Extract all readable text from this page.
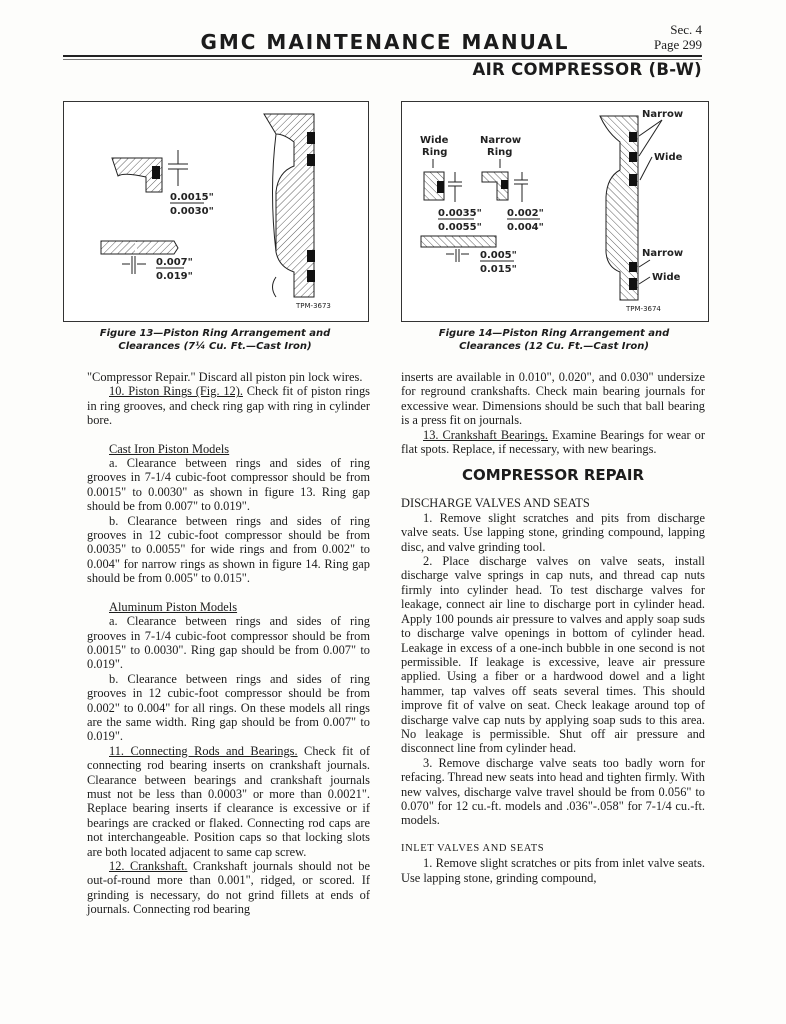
GMC MAINTENANCE MANUAL
Sec. 4
Page 299
AIR COMPRESSOR (B-W)
0.0015"
0.0030"
0.007"
0.019"
TPM-3673
Figure 13—Piston Ring Arrangement and
Clearances (7¼ Cu. Ft.—Cast Iron)
Wide
Ring
Narrow
Ring
0.0035"
0.0055"
0.002"
0.004"
0.005"
0.015"
Narrow
Wide
Narrow
Wide
TPM-3674
Figure 14—Piston Ring Arrangement and
Clearances (12 Cu. Ft.—Cast Iron)

"Compressor Repair." Discard all piston pin lock wires.

10. Piston Rings (Fig. 12). Check fit of piston rings in ring grooves, and check ring gap with ring in cylinder bore.

Cast Iron Piston Models

a. Clearance between rings and sides of ring grooves in 7-1/4 cubic-foot compressor should be from 0.0015" to 0.0030" as shown in figure 13. Ring gap should be from 0.007" to 0.019".

b. Clearance between rings and sides of ring grooves in 12 cubic-foot compressor should be from 0.0035" to 0.0055" for wide rings and from 0.002" to 0.004" for narrow rings as shown in figure 14. Ring gap should be from 0.005" to 0.015".

Aluminum Piston Models

a. Clearance between rings and sides of ring grooves in 7-1/4 cubic-foot compressor should be from 0.0015" to 0.0030". Ring gap should be from 0.007" to 0.019".

b. Clearance between rings and sides of ring grooves in 12 cubic-foot compressor should be from 0.002" to 0.004" for all rings. On these models all rings are the same width. Ring gap should be from 0.007" to 0.019".

11. Connecting Rods and Bearings. Check fit of connecting rod bearing inserts on crankshaft journals. Clearance between bearings and crankshaft journals must not be less than 0.0003" or more than 0.0021". Replace bearing inserts if clearance is excessive or if bearings are cracked or flaked. Connecting rod caps are not interchangeable. Position caps so that locking slots are both located adjacent to same cap screw.

12. Crankshaft. Crankshaft journals should not be out-of-round more than 0.001", ridged, or scored. If grinding is necessary, do not grind fillets at ends of journals. Connecting rod bearing

inserts are available in 0.010", 0.020", and 0.030" undersize for reground crankshafts. Check main bearing journals for excessive wear. Dimensions should be such that ball bearing is a press fit on journals.

13. Crankshaft Bearings. Examine Bearings for wear or flat spots. Replace, if necessary, with new bearings.

COMPRESSOR REPAIR

DISCHARGE VALVES AND SEATS

1. Remove slight scratches and pits from discharge valve seats. Use lapping stone, grinding compound, lapping disc, and valve grinding tool.

2. Place discharge valves on valve seats, install discharge valve springs in cap nuts, and thread cap nuts firmly into cylinder head. To test discharge valves for leakage, connect air line to discharge port in cylinder head. Apply 100 pounds air pressure to valves and apply soap suds to discharge valve openings in bottom of cylinder head. Leakage in excess of a one-inch bubble in one second is not permissible. If leakage is excessive, leave air pressure applied. Using a fiber or a hardwood dowel and a light hammer, tap valves off seats several times. This should improve fit of valve on seat. Check leakage around top of discharge valve cap nuts by applying soap suds to this area. No leakage is permissible. Shut off air pressure and disconnect line from cylinder head.

3. Remove discharge valve seats too badly worn for refacing. Thread new seats into head and tighten firmly. With new valves, discharge valve travel should be from 0.056" to 0.070" for 12 cu.-ft. models and .036"-.058" for 7-1/4 cu.-ft. models.

INLET VALVES AND SEATS

1. Remove slight scratches or pits from inlet valve seats. Use lapping stone, grinding compound,
